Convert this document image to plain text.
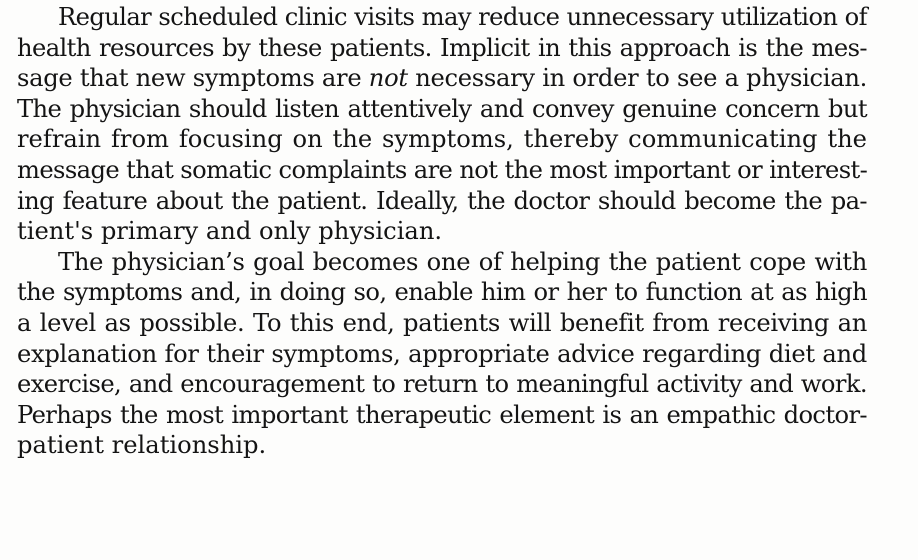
Regular scheduled clinic visits may reduce unnecessary utilization of
health resources by these patients. Implicit in this approach is the mes-
sage that new symptoms are not necessary in order to see a physician.
The physician should listen attentively and convey genuine concern but
refrain from focusing on the symptoms, thereby communicating the
message that somatic complaints are not the most important or interest-
ing feature about the patient. Ideally, the doctor should become the pa-
tient's primary and only physician.
The physician’s goal becomes one of helping the patient cope with
the symptoms and, in doing so, enable him or her to function at as high
a level as possible. To this end, patients will benefit from receiving an
explanation for their symptoms, appropriate advice regarding diet and
exercise, and encouragement to return to meaningful activity and work.
Perhaps the most important therapeutic element is an empathic doctor-
patient relationship.
